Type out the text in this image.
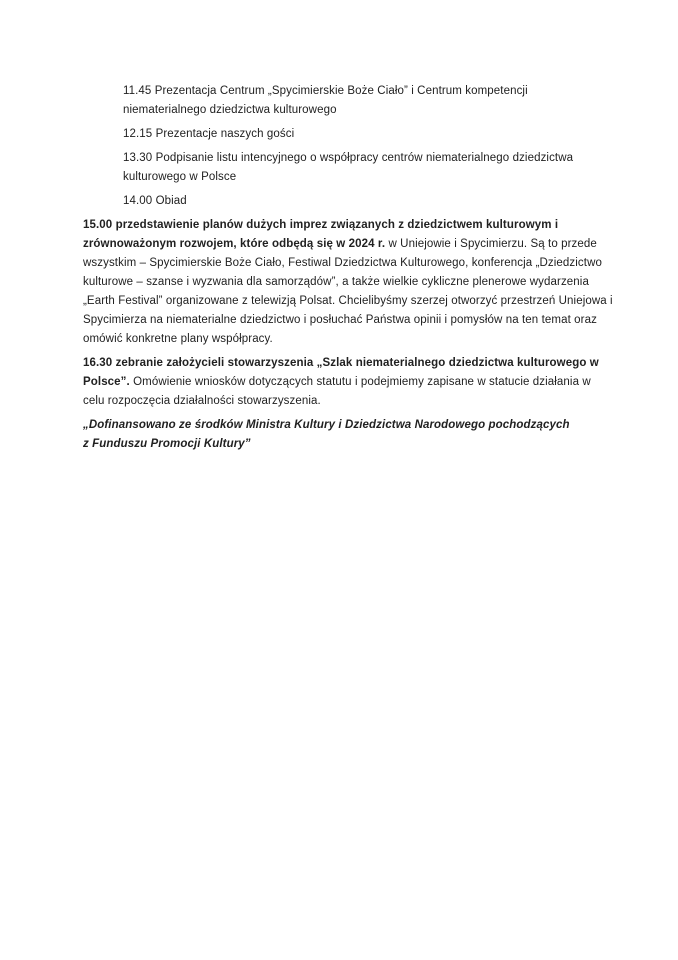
11.45 Prezentacja Centrum „Spycimierskie Boże Ciało” i Centrum kompetencji
niematerialnego dziedzictwa kulturowego

12.15 Prezentacje naszych gości

13.30 Podpisanie listu intencyjnego o współpracy centrów niematerialnego dziedzictwa
kulturowego w Polsce

14.00 Obiad

15.00 przedstawienie planów dużych imprez związanych z dziedzictwem kulturowym i
zrównoważonym rozwojem, które odbędą się w 2024 r. w Uniejowie i Spycimierzu. Są to przede
wszystkim – Spycimierskie Boże Ciało, Festiwal Dziedzictwa Kulturowego, konferencja „Dziedzictwo
kulturowe – szanse i wyzwania dla samorządów”, a także wielkie cykliczne plenerowe wydarzenia
„Earth Festival” organizowane z telewizją Polsat. Chcielibyśmy szerzej otworzyć przestrzeń Uniejowa i
Spycimierza na niematerialne dziedzictwo i posłuchać Państwa opinii i pomysłów na ten temat oraz
omówić konkretne plany współpracy.

16.30 zebranie założycieli stowarzyszenia „Szlak niematerialnego dziedzictwa kulturowego w
Polsce”. Omówienie wniosków dotyczących statutu i podejmiemy zapisane w statucie działania w
celu rozpoczęcia działalności stowarzyszenia.

„Dofinansowano ze środków Ministra Kultury i Dziedzictwa Narodowego pochodzących
z Funduszu Promocji Kultury”
